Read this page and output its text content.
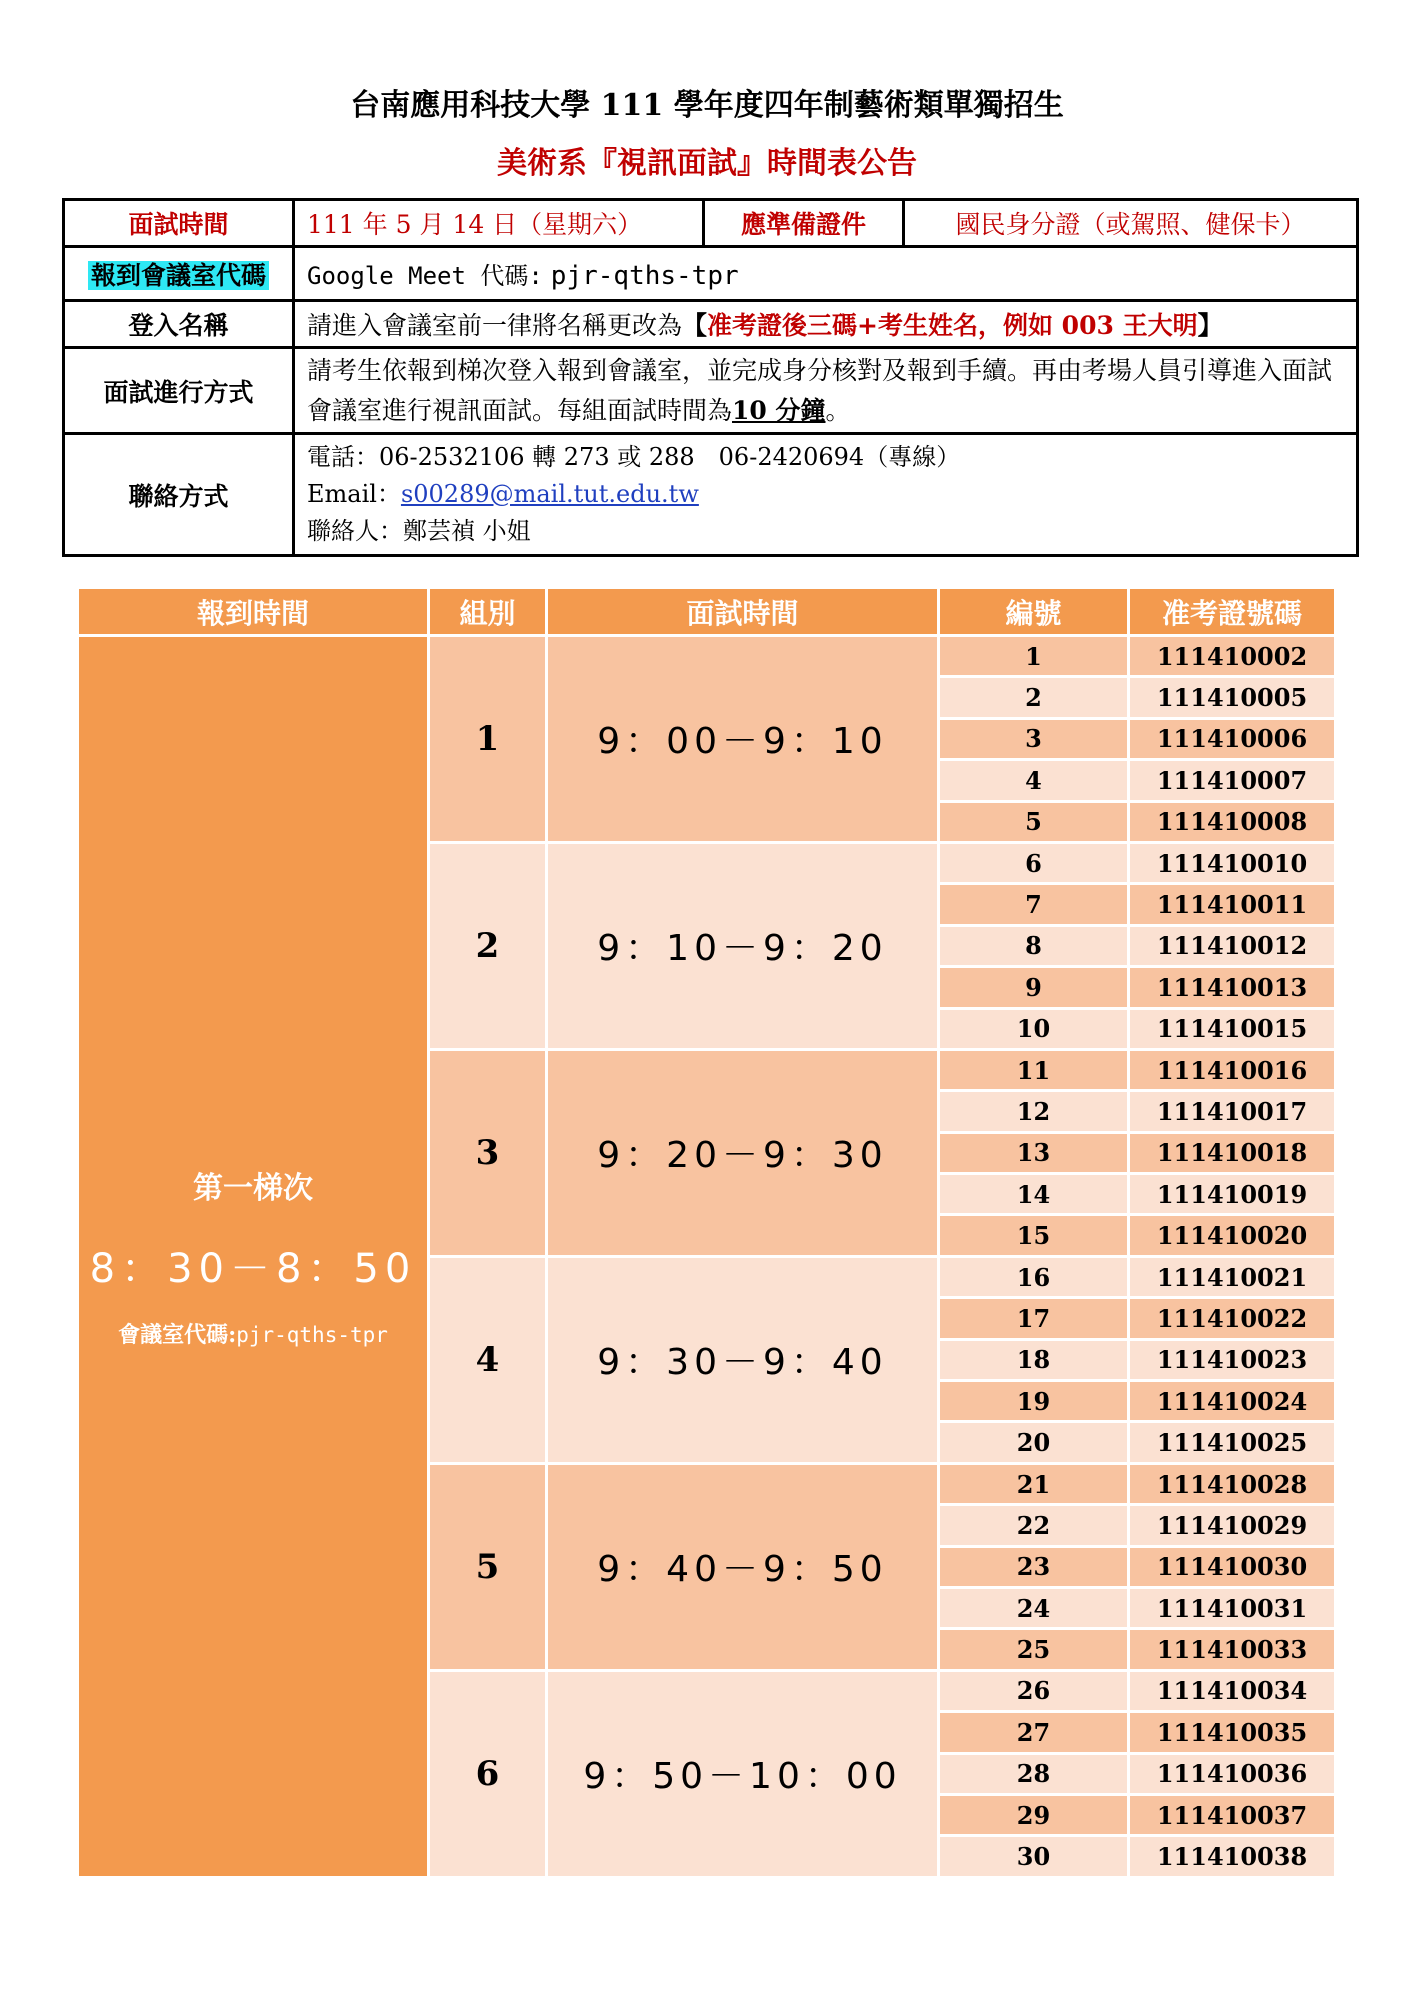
台南應用科技大學 111 學年度四年制藝術類單獨招生
美術系『視訊面試』時間表公告
面試時間	111 年 5 月 14 日（星期六）	應準備證件	國民身分證（或駕照、健保卡）
報到會議室代碼	Google Meet 代碼: pjr-qths-tpr		
登入名稱	請進入會議室前一律將名稱更改為【准考證後三碼+考生姓名，例如 003 王大明】		
面試進行方式	請考生依報到梯次登入報到會議室，並完成身分核對及報到手續。再由考場人員引導進入面試會議室進行視訊面試。每組面試時間為10 分鐘。		
聯絡方式	電話：06-2532106 轉 273 或 288　06-2420694（專線）
Email：s00289@mail.tut.edu.tw
聯絡人：鄭芸禎 小姐		
報到時間	組別	面試時間	編號	准考證號碼

第一梯次
8：30－8：50
會議室代碼:pjr-qths-tpr	1	9：00－9：10	1	111410002
			2	111410005
			3	111410006
			4	111410007
			5	111410008
	2	9：10－9：20	6	111410010
			7	111410011
			8	111410012
			9	111410013
			10	111410015
	3	9：20－9：30	11	111410016
			12	111410017
			13	111410018
			14	111410019
			15	111410020
	4	9：30－9：40	16	111410021
			17	111410022
			18	111410023
			19	111410024
			20	111410025
	5	9：40－9：50	21	111410028
			22	111410029
			23	111410030
			24	111410031
			25	111410033
	6	9：50－10：00	26	111410034
			27	111410035
			28	111410036
			29	111410037
			30	111410038
